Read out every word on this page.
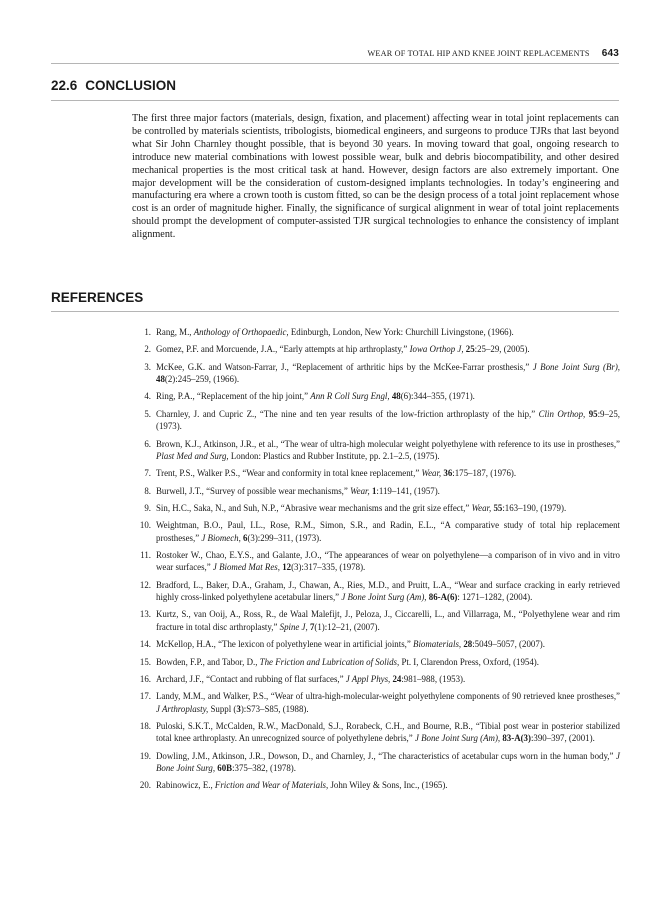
WEAR OF TOTAL HIP AND KNEE JOINT REPLACEMENTS 643
22.6 CONCLUSION
The first three major factors (materials, design, fixation, and placement) affecting wear in total joint replacements can be controlled by materials scientists, tribologists, biomedical engineers, and surgeons to produce TJRs that last beyond what Sir John Charnley thought possible, that is beyond 30 years. In moving toward that goal, ongoing research to introduce new material combinations with lowest possible wear, bulk and debris biocompatibility, and other desired mechanical properties is the most critical task at hand. However, design factors are also extremely important. One major development will be the consideration of custom-designed implants technologies. In today’s engineering and manufacturing era where a crown tooth is custom fitted, so can be the design process of a total joint replacement whose cost is an order of magnitude higher. Finally, the significance of surgical alignment in wear of total joint replacements should prompt the development of computer-assisted TJR surgical technologies to enhance the consistency of implant alignment.
REFERENCES
1. Rang, M., Anthology of Orthopaedic, Edinburgh, London, New York: Churchill Livingstone, (1966).
2. Gomez, P.F. and Morcuende, J.A., “Early attempts at hip arthroplasty,” Iowa Orthop J, 25:25–29, (2005).
3. McKee, G.K. and Watson-Farrar, J., “Replacement of arthritic hips by the McKee-Farrar prosthesis,” J Bone Joint Surg (Br), 48(2):245–259, (1966).
4. Ring, P.A., “Replacement of the hip joint,” Ann R Coll Surg Engl, 48(6):344–355, (1971).
5. Charnley, J. and Cupric Z., “The nine and ten year results of the low-friction arthroplasty of the hip,” Clin Orthop, 95:9–25, (1973).
6. Brown, K.J., Atkinson, J.R., et al., “The wear of ultra-high molecular weight polyethylene with reference to its use in prostheses,” Plast Med and Surg, London: Plastics and Rubber Institute, pp. 2.1–2.5, (1975).
7. Trent, P.S., Walker P.S., “Wear and conformity in total knee replacement,” Wear, 36:175–187, (1976).
8. Burwell, J.T., “Survey of possible wear mechanisms,” Wear, 1:119–141, (1957).
9. Sin, H.C., Saka, N., and Suh, N.P., “Abrasive wear mechanisms and the grit size effect,” Wear, 55:163–190, (1979).
10. Weightman, B.O., Paul, I.L., Rose, R.M., Simon, S.R., and Radin, E.L., “A comparative study of total hip replacement prostheses,” J Biomech, 6(3):299–311, (1973).
11. Rostoker W., Chao, E.Y.S., and Galante, J.O., “The appearances of wear on polyethylene—a comparison of in vivo and in vitro wear surfaces,” J Biomed Mat Res, 12(3):317–335, (1978).
12. Bradford, L., Baker, D.A., Graham, J., Chawan, A., Ries, M.D., and Pruitt, L.A., “Wear and surface cracking in early retrieved highly cross-linked polyethylene acetabular liners,” J Bone Joint Surg (Am), 86-A(6): 1271–1282, (2004).
13. Kurtz, S., van Ooij, A., Ross, R., de Waal Malefijt, J., Peloza, J., Ciccarelli, L., and Villarraga, M., “Polyethylene wear and rim fracture in total disc arthroplasty,” Spine J, 7(1):12–21, (2007).
14. McKellop, H.A., “The lexicon of polyethylene wear in artificial joints,” Biomaterials, 28:5049–5057, (2007).
15. Bowden, F.P., and Tabor, D., The Friction and Lubrication of Solids, Pt. I, Clarendon Press, Oxford, (1954).
16. Archard, J.F., “Contact and rubbing of flat surfaces,” J Appl Phys, 24:981–988, (1953).
17. Landy, M.M., and Walker, P.S., “Wear of ultra-high-molecular-weight polyethylene components of 90 retrieved knee prostheses,” J Arthroplasty, Suppl (3):S73–S85, (1988).
18. Puloski, S.K.T., McCalden, R.W., MacDonald, S.J., Rorabeck, C.H., and Bourne, R.B., “Tibial post wear in posterior stabilized total knee arthroplasty. An unrecognized source of polyethylene debris,” J Bone Joint Surg (Am), 83-A(3):390–397, (2001).
19. Dowling, J.M., Atkinson, J.R., Dowson, D., and Charnley, J., “The characteristics of acetabular cups worn in the human body,” J Bone Joint Surg, 60B:375–382, (1978).
20. Rabinowicz, E., Friction and Wear of Materials, John Wiley & Sons, Inc., (1965).
